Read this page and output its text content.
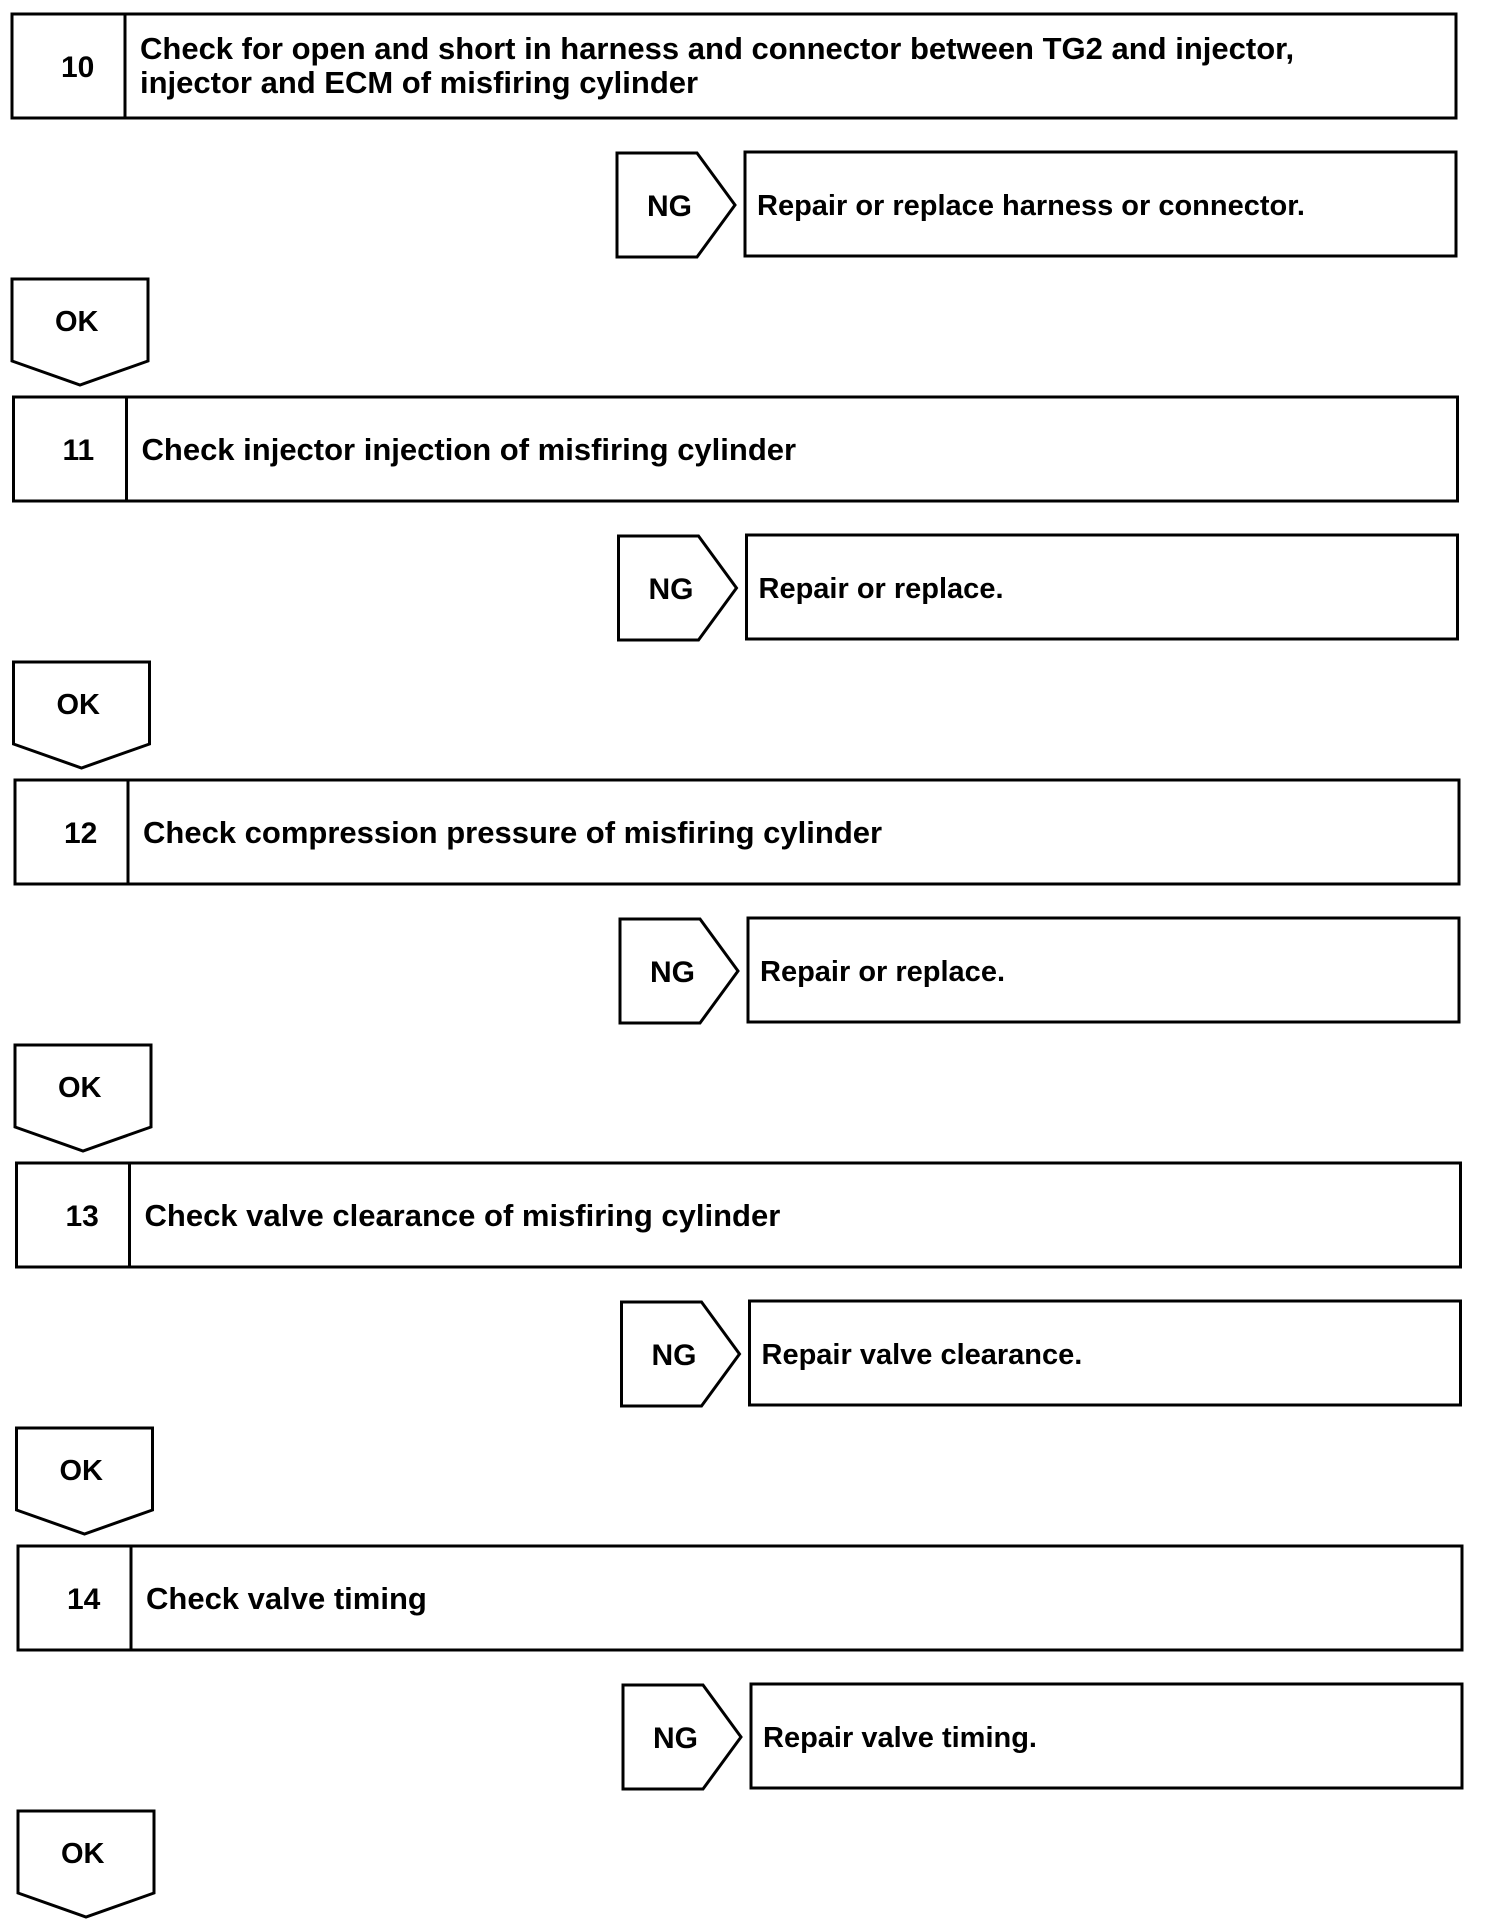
10
Check for open and short in harness and connector between TG2 and injector,
injector and ECM of misfiring cylinder
NG Repair or replace harness or connector.
OK
11 Check injector injection of misfiring cylinder
NG Repair or replace.
OK
12 Check compression pressure of misfiring cylinder
NG Repair or replace.
OK
13 Check valve clearance of misfiring cylinder
NG Repair valve clearance.
OK
14 Check valve timing
NG Repair valve timing.
OK
